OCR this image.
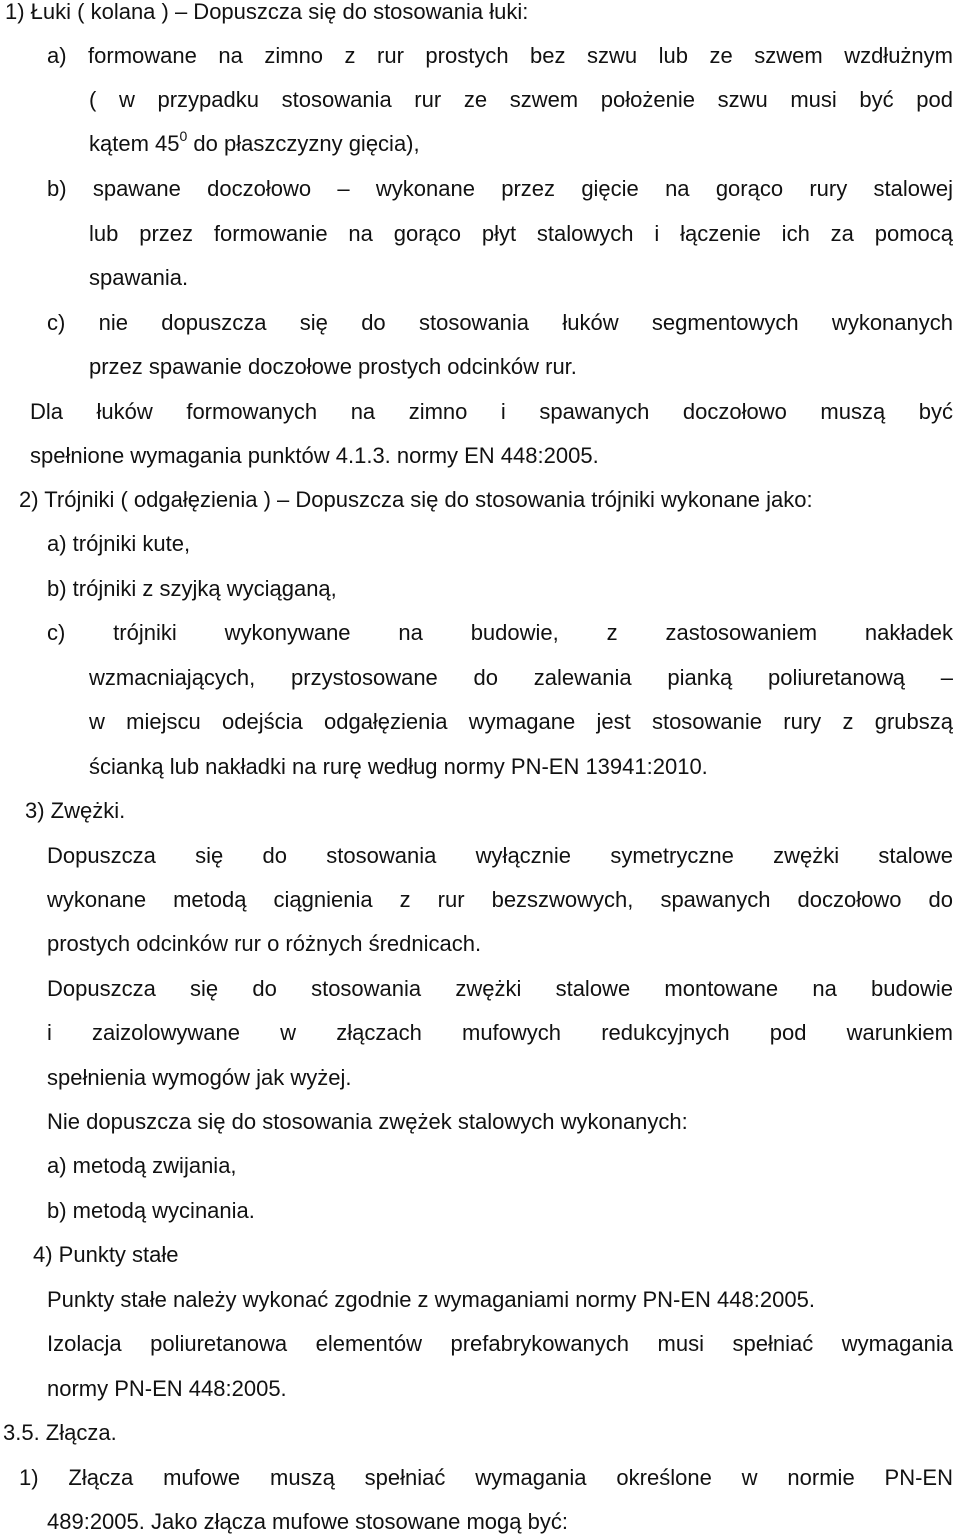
1) Łuki ( kolana ) – Dopuszcza się do stosowania łuki:
a) formowane na zimno z rur prostych bez szwu lub ze szwem wzdłużnym
( w przypadku stosowania rur ze szwem położenie szwu musi być pod
kątem $45^0$ do płaszczyzny gięcia),
b) spawane doczołowo – wykonane przez gięcie na gorąco rury stalowej
lub przez formowanie na gorąco płyt stalowych i łączenie ich za pomocą
spawania.
c) nie dopuszcza się do stosowania łuków segmentowych wykonanych
przez spawanie doczołowe prostych odcinków rur.
Dla łuków formowanych na zimno i spawanych doczołowo muszą być
spełnione wymagania punktów 4.1.3. normy EN 448:2005.
2) Trójniki ( odgałęzienia ) – Dopuszcza się do stosowania trójniki wykonane jako:
a) trójniki kute,
b) trójniki z szyjką wyciąganą,
c) trójniki wykonywane na budowie, z zastosowaniem nakładek
wzmacniających, przystosowane do zalewania pianką poliuretanową –
w miejscu odejścia odgałęzienia wymagane jest stosowanie rury z grubszą
ścianką lub nakładki na rurę według normy PN-EN 13941:2010.
3) Zwężki.
Dopuszcza się do stosowania wyłącznie symetryczne zwężki stalowe
wykonane metodą ciągnienia z rur bezszwowych, spawanych doczołowo do
prostych odcinków rur o różnych średnicach.
Dopuszcza się do stosowania zwężki stalowe montowane na budowie
i zaizolowywane w złączach mufowych redukcyjnych pod warunkiem
spełnienia wymogów jak wyżej.
Nie dopuszcza się do stosowania zwężek stalowych wykonanych:
a) metodą zwijania,
b) metodą wycinania.
4) Punkty stałe
Punkty stałe należy wykonać zgodnie z wymaganiami normy PN-EN 448:2005.
Izolacja poliuretanowa elementów prefabrykowanych musi spełniać wymagania
normy PN-EN 448:2005.
3.5. Złącza.
1) Złącza mufowe muszą spełniać wymagania określone w normie PN-EN
489:2005. Jako złącza mufowe stosowane mogą być:
